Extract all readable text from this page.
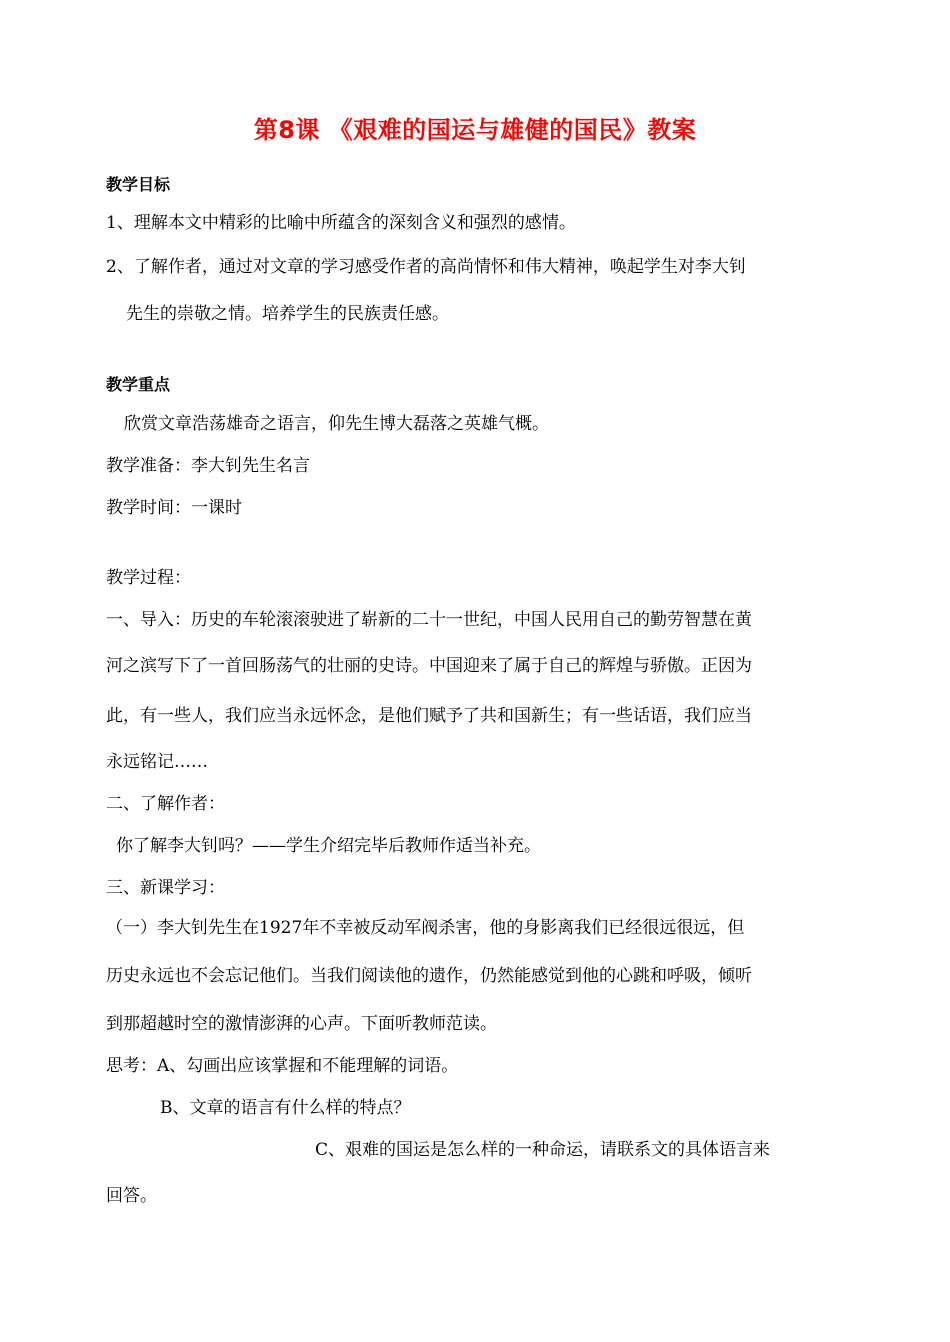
第8课 《艰难的国运与雄健的国民》教案
教学目标
1、理解本文中精彩的比喻中所蕴含的深刻含义和强烈的感情。
2、了解作者，通过对文章的学习感受作者的高尚情怀和伟大精神，唤起学生对李大钊
先生的崇敬之情。培养学生的民族责任感。
教学重点
欣赏文章浩荡雄奇之语言，仰先生博大磊落之英雄气概。
教学准备：李大钊先生名言
教学时间：一课时
教学过程：
一、导入：历史的车轮滚滚驶进了崭新的二十一世纪，中国人民用自己的勤劳智慧在黄
河之滨写下了一首回肠荡气的壮丽的史诗。中国迎来了属于自己的辉煌与骄傲。正因为
此，有一些人，我们应当永远怀念，是他们赋予了共和国新生；有一些话语，我们应当
永远铭记……
二、了解作者：
你了解李大钊吗？——学生介绍完毕后教师作适当补充。
三、新课学习：
（一）李大钊先生在1927年不幸被反动军阀杀害，他的身影离我们已经很远很远，但
历史永远也不会忘记他们。当我们阅读他的遗作，仍然能感觉到他的心跳和呼吸，倾听
到那超越时空的激情澎湃的心声。下面听教师范读。
思考：A、勾画出应该掌握和不能理解的词语。
B、文章的语言有什么样的特点？
C、艰难的国运是怎么样的一种命运，请联系文的具体语言来
回答。
